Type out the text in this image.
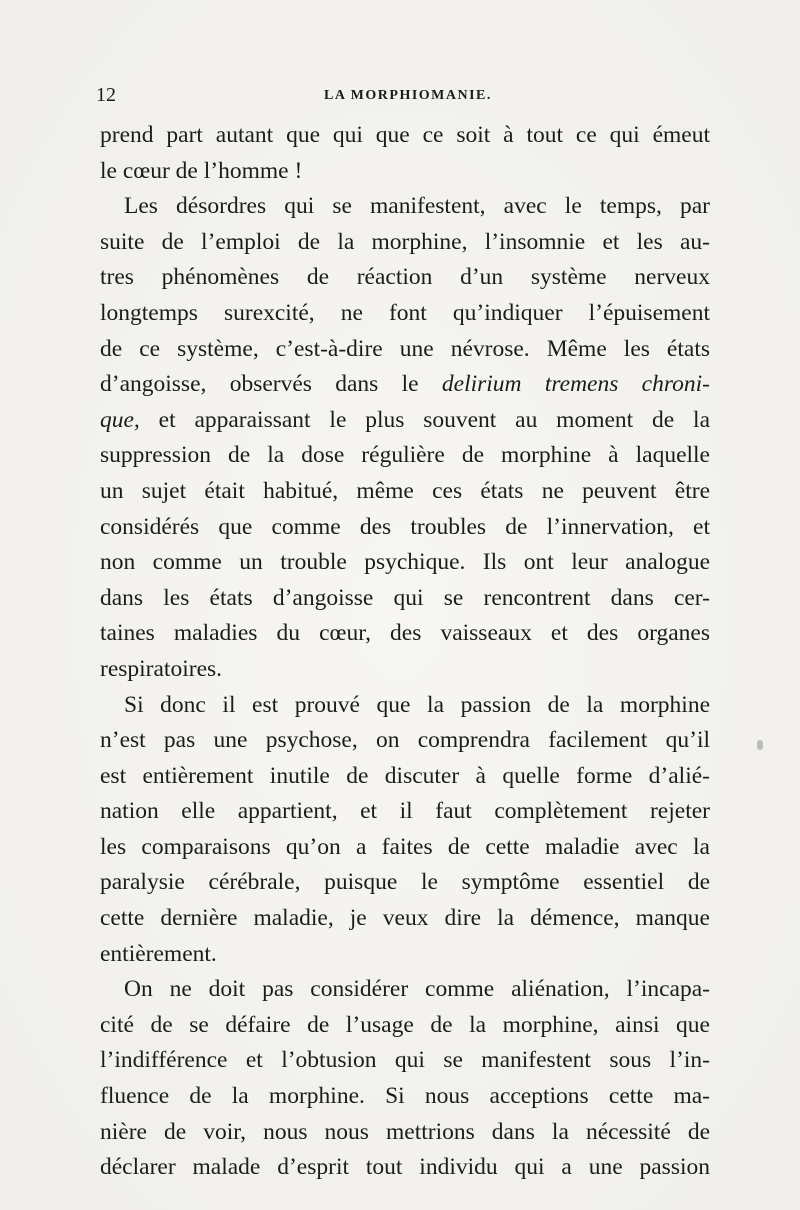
12	LA MORPHIOMANIE.
prend part autant que qui que ce soit à tout ce qui émeut
le cœur de l’homme !
Les désordres qui se manifestent, avec le temps, par
suite de l’emploi de la morphine, l’insomnie et les au-
tres phénomènes de réaction d’un système nerveux
longtemps surexcité, ne font qu’indiquer l’épuisement
de ce système, c’est-à-dire une névrose. Même les états
d’angoisse, observés dans le delirium tremens chroni-
que, et apparaissant le plus souvent au moment de la
suppression de la dose régulière de morphine à laquelle
un sujet était habitué, même ces états ne peuvent être
considérés que comme des troubles de l’innervation, et
non comme un trouble psychique. Ils ont leur analogue
dans les états d’angoisse qui se rencontrent dans cer-
taines maladies du cœur, des vaisseaux et des organes
respiratoires.
Si donc il est prouvé que la passion de la morphine
n’est pas une psychose, on comprendra facilement qu’il
est entièrement inutile de discuter à quelle forme d’alié-
nation elle appartient, et il faut complètement rejeter
les comparaisons qu’on a faites de cette maladie avec la
paralysie cérébrale, puisque le symptôme essentiel de
cette dernière maladie, je veux dire la démence, manque
entièrement.
On ne doit pas considérer comme aliénation, l’incapa-
cité de se défaire de l’usage de la morphine, ainsi que
l’indifférence et l’obtusion qui se manifestent sous l’in-
fluence de la morphine. Si nous acceptions cette ma-
nière de voir, nous nous mettrions dans la nécessité de
déclarer malade d’esprit tout individu qui a une passion
